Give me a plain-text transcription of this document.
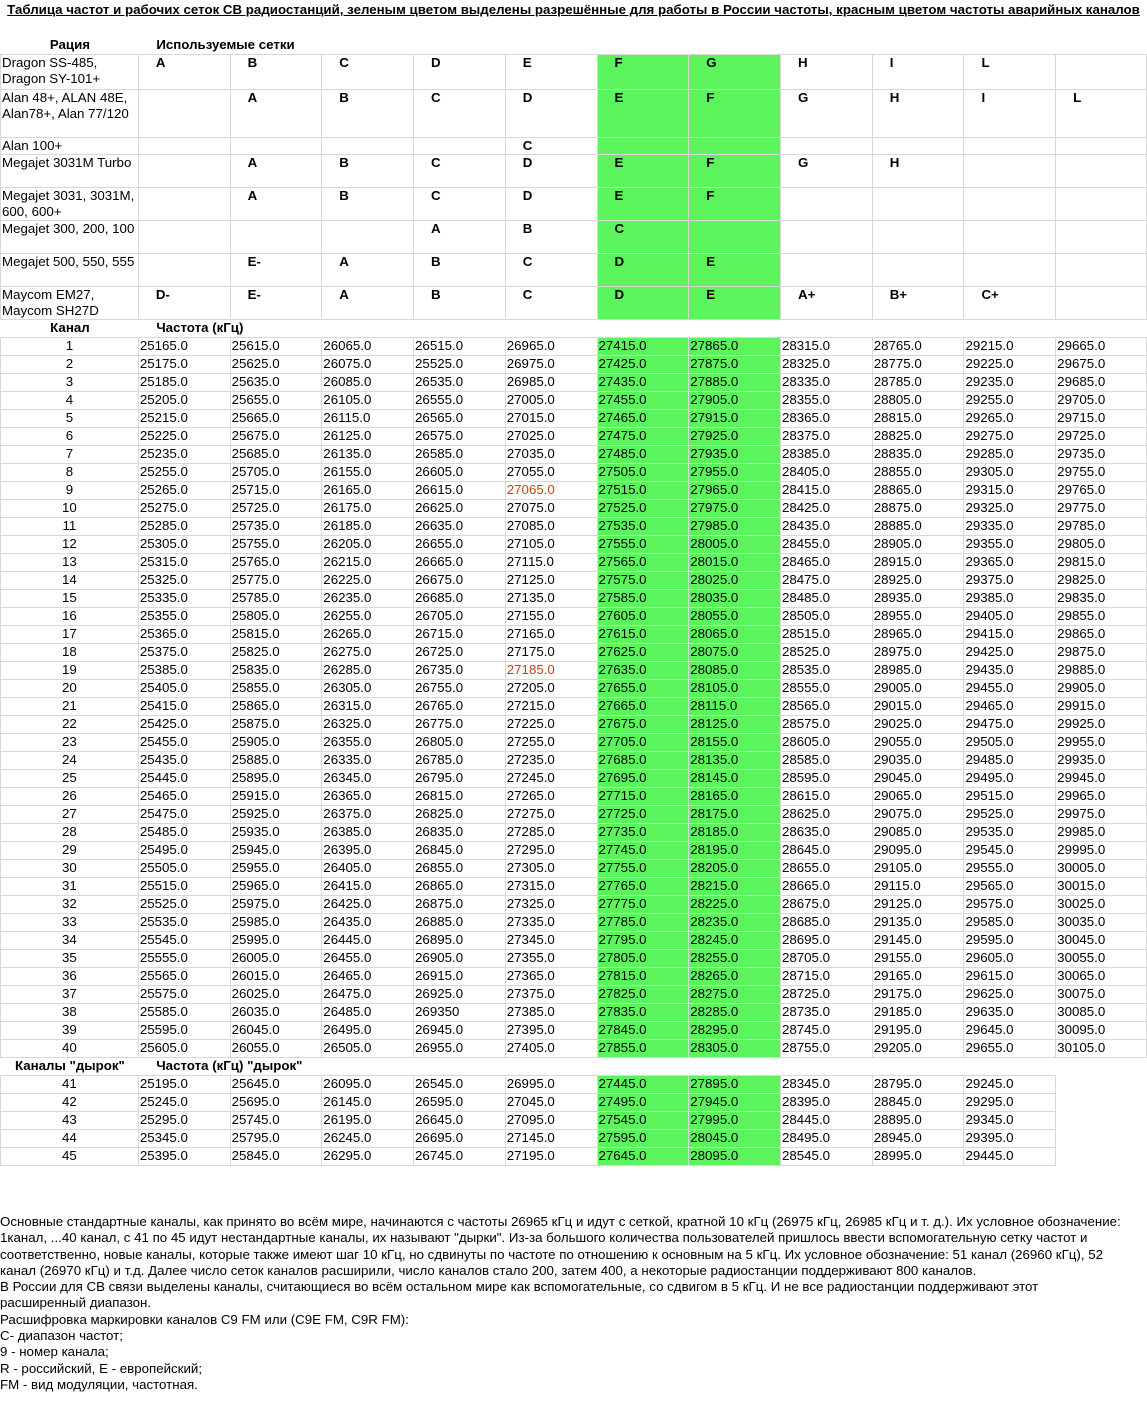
Таблица частот и рабочих сеток СВ радиостанций, зеленым цветом выделены разрешённые для работы в России частоты, красным цветом частоты аварийных каналов
Рация	Используемые сетки										
Dragon SS-485, Dragon SY-101+	A	B	C	D	E	F	G	H	I	L	
Alan 48+, ALAN 48E, Alan78+, Alan 77/120		A	B	C	D	E	F	G	H	I	L
Alan 100+					C						
Megajet 3031M Turbo		A	B	C	D	E	F	G	H		
Megajet 3031, 3031M, 600, 600+		A	B	C	D	E	F				
Megajet 300, 200, 100				A	B	C					
Megajet 500, 550, 555		E-	A	B	C	D	E				
Maycom EM27, Maycom SH27D	D-	E-	A	B	C	D	E	A+	B+	C+	
Канал	Частота (кГц)										
1	25165.0	25615.0	26065.0	26515.0	26965.0	27415.0	27865.0	28315.0	28765.0	29215.0	29665.0
2	25175.0	25625.0	26075.0	25525.0	26975.0	27425.0	27875.0	28325.0	28775.0	29225.0	29675.0
3	25185.0	25635.0	26085.0	26535.0	26985.0	27435.0	27885.0	28335.0	28785.0	29235.0	29685.0
4	25205.0	25655.0	26105.0	26555.0	27005.0	27455.0	27905.0	28355.0	28805.0	29255.0	29705.0
5	25215.0	25665.0	26115.0	26565.0	27015.0	27465.0	27915.0	28365.0	28815.0	29265.0	29715.0
6	25225.0	25675.0	26125.0	26575.0	27025.0	27475.0	27925.0	28375.0	28825.0	29275.0	29725.0
7	25235.0	25685.0	26135.0	26585.0	27035.0	27485.0	27935.0	28385.0	28835.0	29285.0	29735.0
8	25255.0	25705.0	26155.0	26605.0	27055.0	27505.0	27955.0	28405.0	28855.0	29305.0	29755.0
9	25265.0	25715.0	26165.0	26615.0	27065.0	27515.0	27965.0	28415.0	28865.0	29315.0	29765.0
10	25275.0	25725.0	26175.0	26625.0	27075.0	27525.0	27975.0	28425.0	28875.0	29325.0	29775.0
11	25285.0	25735.0	26185.0	26635.0	27085.0	27535.0	27985.0	28435.0	28885.0	29335.0	29785.0
12	25305.0	25755.0	26205.0	26655.0	27105.0	27555.0	28005.0	28455.0	28905.0	29355.0	29805.0
13	25315.0	25765.0	26215.0	26665.0	27115.0	27565.0	28015.0	28465.0	28915.0	29365.0	29815.0
14	25325.0	25775.0	26225.0	26675.0	27125.0	27575.0	28025.0	28475.0	28925.0	29375.0	29825.0
15	25335.0	25785.0	26235.0	26685.0	27135.0	27585.0	28035.0	28485.0	28935.0	29385.0	29835.0
16	25355.0	25805.0	26255.0	26705.0	27155.0	27605.0	28055.0	28505.0	28955.0	29405.0	29855.0
17	25365.0	25815.0	26265.0	26715.0	27165.0	27615.0	28065.0	28515.0	28965.0	29415.0	29865.0
18	25375.0	25825.0	26275.0	26725.0	27175.0	27625.0	28075.0	28525.0	28975.0	29425.0	29875.0
19	25385.0	25835.0	26285.0	26735.0	27185.0	27635.0	28085.0	28535.0	28985.0	29435.0	29885.0
20	25405.0	25855.0	26305.0	26755.0	27205.0	27655.0	28105.0	28555.0	29005.0	29455.0	29905.0
21	25415.0	25865.0	26315.0	26765.0	27215.0	27665.0	28115.0	28565.0	29015.0	29465.0	29915.0
22	25425.0	25875.0	26325.0	26775.0	27225.0	27675.0	28125.0	28575.0	29025.0	29475.0	29925.0
23	25455.0	25905.0	26355.0	26805.0	27255.0	27705.0	28155.0	28605.0	29055.0	29505.0	29955.0
24	25435.0	25885.0	26335.0	26785.0	27235.0	27685.0	28135.0	28585.0	29035.0	29485.0	29935.0
25	25445.0	25895.0	26345.0	26795.0	27245.0	27695.0	28145.0	28595.0	29045.0	29495.0	29945.0
26	25465.0	25915.0	26365.0	26815.0	27265.0	27715.0	28165.0	28615.0	29065.0	29515.0	29965.0
27	25475.0	25925.0	26375.0	26825.0	27275.0	27725.0	28175.0	28625.0	29075.0	29525.0	29975.0
28	25485.0	25935.0	26385.0	26835.0	27285.0	27735.0	28185.0	28635.0	29085.0	29535.0	29985.0
29	25495.0	25945.0	26395.0	26845.0	27295.0	27745.0	28195.0	28645.0	29095.0	29545.0	29995.0
30	25505.0	25955.0	26405.0	26855.0	27305.0	27755.0	28205.0	28655.0	29105.0	29555.0	30005.0
31	25515.0	25965.0	26415.0	26865.0	27315.0	27765.0	28215.0	28665.0	29115.0	29565.0	30015.0
32	25525.0	25975.0	26425.0	26875.0	27325.0	27775.0	28225.0	28675.0	29125.0	29575.0	30025.0
33	25535.0	25985.0	26435.0	26885.0	27335.0	27785.0	28235.0	28685.0	29135.0	29585.0	30035.0
34	25545.0	25995.0	26445.0	26895.0	27345.0	27795.0	28245.0	28695.0	29145.0	29595.0	30045.0
35	25555.0	26005.0	26455.0	26905.0	27355.0	27805.0	28255.0	28705.0	29155.0	29605.0	30055.0
36	25565.0	26015.0	26465.0	26915.0	27365.0	27815.0	28265.0	28715.0	29165.0	29615.0	30065.0
37	25575.0	26025.0	26475.0	26925.0	27375.0	27825.0	28275.0	28725.0	29175.0	29625.0	30075.0
38	25585.0	26035.0	26485.0	269350	27385.0	27835.0	28285.0	28735.0	29185.0	29635.0	30085.0
39	25595.0	26045.0	26495.0	26945.0	27395.0	27845.0	28295.0	28745.0	29195.0	29645.0	30095.0
40	25605.0	26055.0	26505.0	26955.0	27405.0	27855.0	28305.0	28755.0	29205.0	29655.0	30105.0
Каналы "дырок"	Частота (кГц) "дырок"										
41	25195.0	25645.0	26095.0	26545.0	26995.0	27445.0	27895.0	28345.0	28795.0	29245.0	
42	25245.0	25695.0	26145.0	26595.0	27045.0	27495.0	27945.0	28395.0	28845.0	29295.0	
43	25295.0	25745.0	26195.0	26645.0	27095.0	27545.0	27995.0	28445.0	28895.0	29345.0	
44	25345.0	25795.0	26245.0	26695.0	27145.0	27595.0	28045.0	28495.0	28945.0	29395.0	
45	25395.0	25845.0	26295.0	26745.0	27195.0	27645.0	28095.0	28545.0	28995.0	29445.0	

Основные стандартные каналы, как принято во всём мире, начинаются с частоты 26965 кГц и идут с сеткой, кратной 10 кГц (26975 кГц, 26985 кГц и т. д.). Их условное обозначение: 1канал, ...40 канал, с 41 по 45 идут нестандартные каналы, их называют "дырки". Из-за большого количества пользователей пришлось ввести вспомогательную сетку частот и соответственно, новые каналы, которые также имеют шаг 10 кГц, но сдвинуты по частоте по отношению к основным на 5 кГц. Их условное обозначение: 51 канал (26960 кГц), 52 канал (26970 кГц) и т.д. Далее число сеток каналов расширили, число каналов стало 200, затем 400, а некоторые радиостанции поддерживают 800 каналов.

В России для СВ связи выделены каналы, считающиеся во всём остальном мире как вспомогательные, со сдвигом в 5 кГц. И не все радиостанции поддерживают этот расширенный диапазон.

Расшифровка маркировки каналов C9 FM или (C9E FM, C9R FM):

C- диапазон частот;

9 - номер канала;

R - российский, E - европейский;

FM - вид модуляции, частотная.
